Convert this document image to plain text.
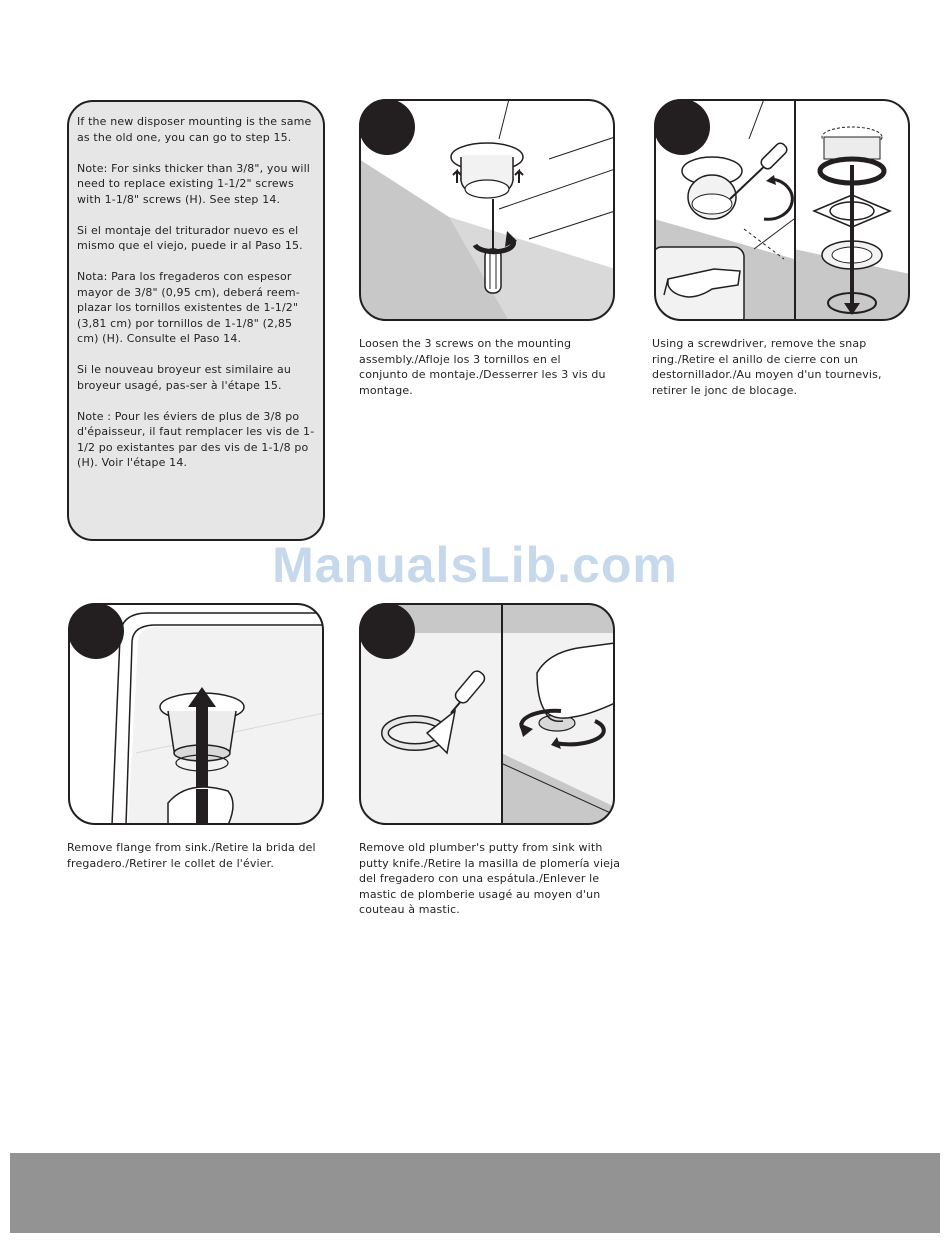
If the new disposer mounting is the same as the old one, you can go to step 15.

Note: For sinks thicker than 3/8", you will need to replace existing 1-1/2" screws with 1-1/8" screws (H). See step 14.

Si el montaje del triturador nuevo es el mismo que el viejo, puede ir al Paso 15.

Nota: Para los fregaderos con espesor mayor de 3/8" (0,95 cm), deberá reem-plazar los tornillos existentes de 1-1/2" (3,81 cm) por tornillos de 1-1/8" (2,85 cm) (H). Consulte el Paso 14.

Si le nouveau broyeur est similaire au broyeur usagé, pas-ser à l'étape 15.

Note : Pour les éviers de plus de 3/8 po d'épaisseur, il faut remplacer les vis de 1-1/2 po existantes par des vis de 1-1/8 po (H). Voir l'étape 14.

Loosen the 3 screws on the mounting assembly./Afloje los 3 tornillos en el conjunto de montaje./Desserrer les 3 vis du montage.

Using a screwdriver, remove the snap ring./Retire el anillo de cierre con un destornillador./Au moyen d'un tournevis, retirer le jonc de blocage.

Remove flange from sink./Retire la brida del fregadero./Retirer le collet de l'évier.

Remove old plumber's putty from sink with putty knife./Retire la masilla de plomería vieja del fregadero con una espátula./Enlever le mastic de plomberie usagé au moyen d'un couteau à mastic.

ManualsLib.com
